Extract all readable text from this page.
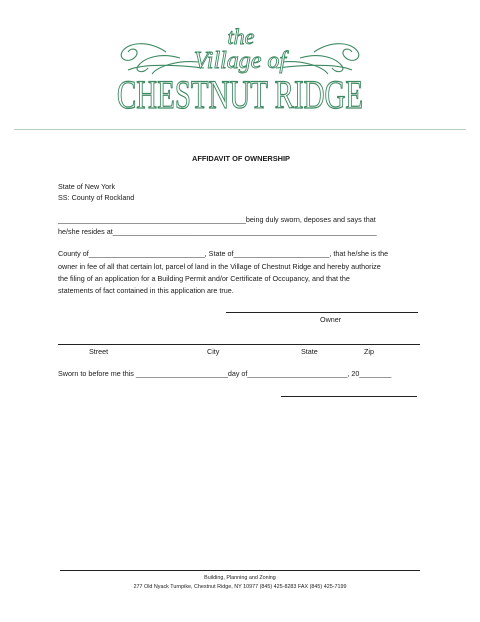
the
Village of
CHESTNUT RIDGE
AFFIDAVIT OF OWNERSHIP
State of New York
SS: County of Rockland
_______________________________________________being duly sworn, deposes and says that
he/she resides at__________________________________________________________________
County of_____________________________, State of________________________, that he/she is the
owner in fee of all that certain lot, parcel of land in the Village of Chestnut Ridge and hereby authorize
the filing of an application for a Building Permit and/or Certificate of Occupancy, and that the
statements of fact contained in this application are true.
Owner
Street	City	State	Zip
Sworn to before me this _______________________day of_________________________, 20________
Building, Planning and Zoning
277 Old Nyack Turnpike, Chestnut Ridge, NY 10977 (845) 425-8283 FAX (845) 425-7199
